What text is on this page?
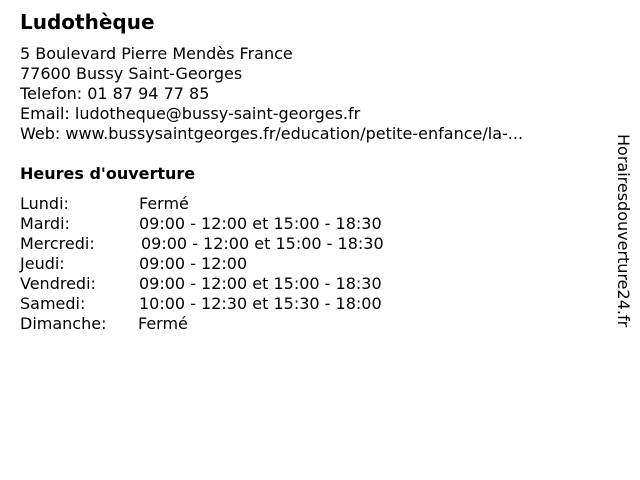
Ludothèque
5 Boulevard Pierre Mendès France
77600 Bussy Saint-Georges
Telefon: 01 87 94 77 85
Email: ludotheque@bussy-saint-georges.fr
Web: www.bussysaintgeorges.fr/education/petite-enfance/la-...
Heures d'ouverture
Lundi:	Fermé
Mardi:	09:00 - 12:00 et 15:00 - 18:30
Mercredi:	09:00 - 12:00 et 15:00 - 18:30
Jeudi:	09:00 - 12:00
Vendredi:	09:00 - 12:00 et 15:00 - 18:30
Samedi:	10:00 - 12:30 et 15:30 - 18:00
Dimanche: Fermé	Horairesdouverture24.fr
